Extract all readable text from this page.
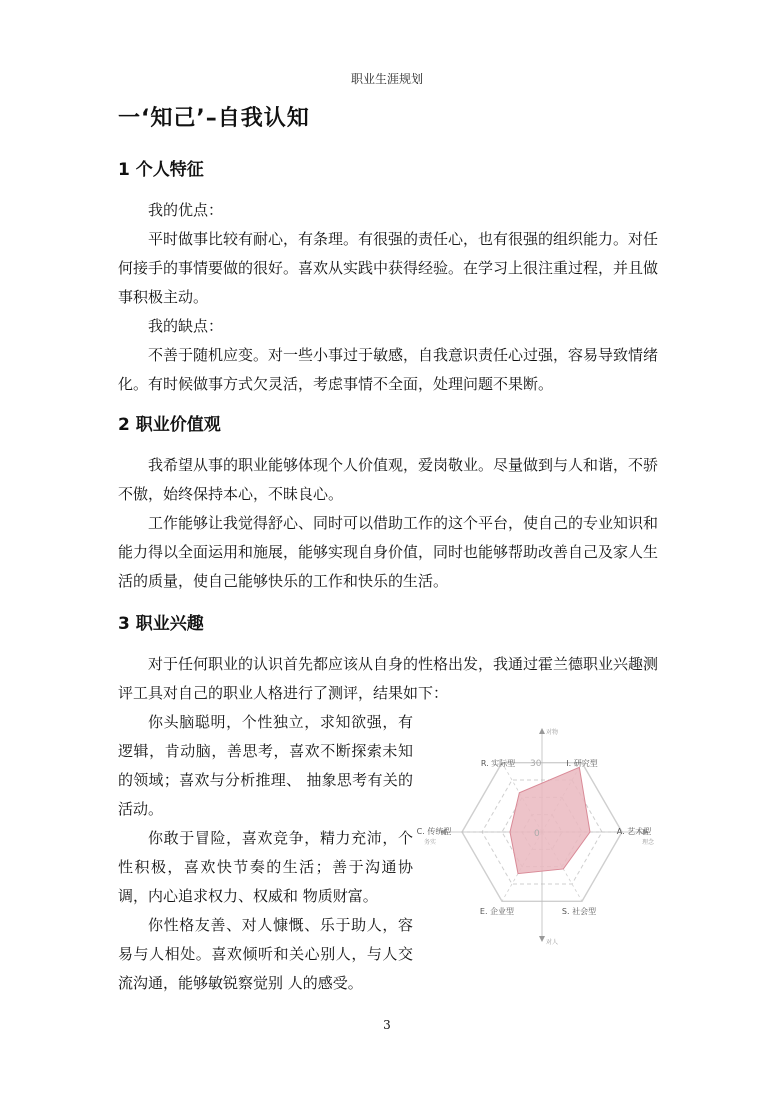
职业生涯规划
一‘知己’–自我认知
1 个人特征

我的优点：

平时做事比较有耐心，有条理。有很强的责任心，也有很强的组织能力。对任何接手的事情要做的很好。喜欢从实践中获得经验。在学习上很注重过程，并且做事积极主动。

我的缺点：

不善于随机应变。对一些小事过于敏感，自我意识责任心过强，容易导致情绪化。有时候做事方式欠灵活，考虑事情不全面，处理问题不果断。

2 职业价值观

我希望从事的职业能够体现个人价值观，爱岗敬业。尽量做到与人和谐，不骄不傲，始终保持本心，不昧良心。

工作能够让我觉得舒心、同时可以借助工作的这个平台，使自己的专业知识和能力得以全面运用和施展，能够实现自身价值，同时也能够帮助改善自己及家人生活的质量，使自己能够快乐的工作和快乐的生活。

3 职业兴趣

对于任何职业的认识首先都应该从自身的性格出发，我通过霍兰德职业兴趣测评工具对自己的职业人格进行了测评，结果如下：

你头脑聪明，个性独立，求知欲强，有逻辑，肯动脑，善思考，喜欢不断探索未知的领域；喜欢与分析推理、 抽象思考有关的活动。

你敢于冒险，喜欢竞争，精力充沛，个性积极，喜欢快节奏的生活；善于沟通协调，内心追求权力、权威和 物质财富。

你性格友善、对人慷慨、乐于助人，容易与人相处。喜欢倾听和关心别人，与人交流沟通，能够敏锐察觉别 人的感受。

I. 研究型
A. 艺术型
S. 社会型
E. 企业型
C. 传统型
R. 实际型
对物
对人
务实	理念
30
0
3
